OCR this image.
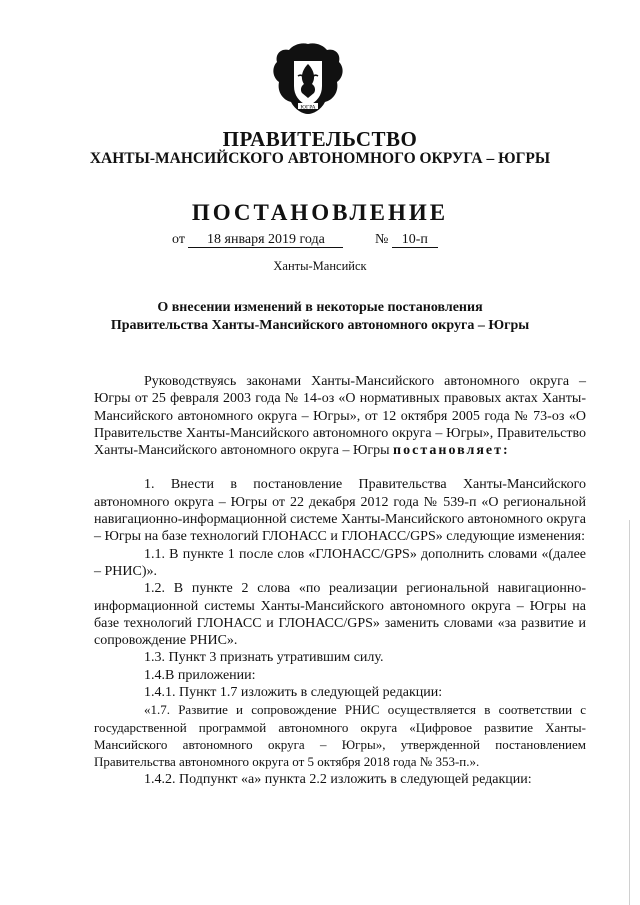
ЮГРА
ПРАВИТЕЛЬСТВО
ХАНТЫ-МАНСИЙСКОГО АВТОНОМНОГО ОКРУГА – ЮГРЫ
ПОСТАНОВЛЕНИЕ
от 18 января 2019 года	№ 10-п
Ханты-Мансийск
О внесении изменений в некоторые постановления
Правительства Ханты-Мансийского автономного округа – Югры

Руководствуясь законами Ханты-Мансийского автономного округа – Югры от 25 февраля 2003 года № 14-оз «О нормативных правовых актах Ханты-Мансийского автономного округа – Югры», от 12 октября 2005 года № 73-оз «О Правительстве Ханты-Мансийского автономного округа – Югры», Правительство Ханты-Мансийского автономного округа – Югры постановляет:

1. Внести в постановление Правительства Ханты-Мансийского автономного округа – Югры от 22 декабря 2012 года № 539-п «О региональной навигационно-информационной системе Ханты-Мансийского автономного округа – Югры на базе технологий ГЛОНАСС и ГЛОНАСС/GPS» следующие изменения:

1.1. В пункте 1 после слов «ГЛОНАСС/GPS» дополнить словами «(далее – РНИС)».

1.2. В пункте 2 слова «по реализации региональной навигационно-информационной системы Ханты-Мансийского автономного округа – Югры на базе технологий ГЛОНАСС и ГЛОНАСС/GPS» заменить словами «за развитие и сопровождение РНИС».

1.3. Пункт 3 признать утратившим силу.

1.4.В приложении:

1.4.1. Пункт 1.7 изложить в следующей редакции:

«1.7. Развитие и сопровождение РНИС осуществляется в соответствии с государственной программой автономного округа «Цифровое развитие Ханты-Мансийского автономного округа – Югры», утвержденной постановлением Правительства автономного округа от 5 октября 2018 года № 353-п.».

1.4.2. Подпункт «а» пункта 2.2 изложить в следующей редакции:
